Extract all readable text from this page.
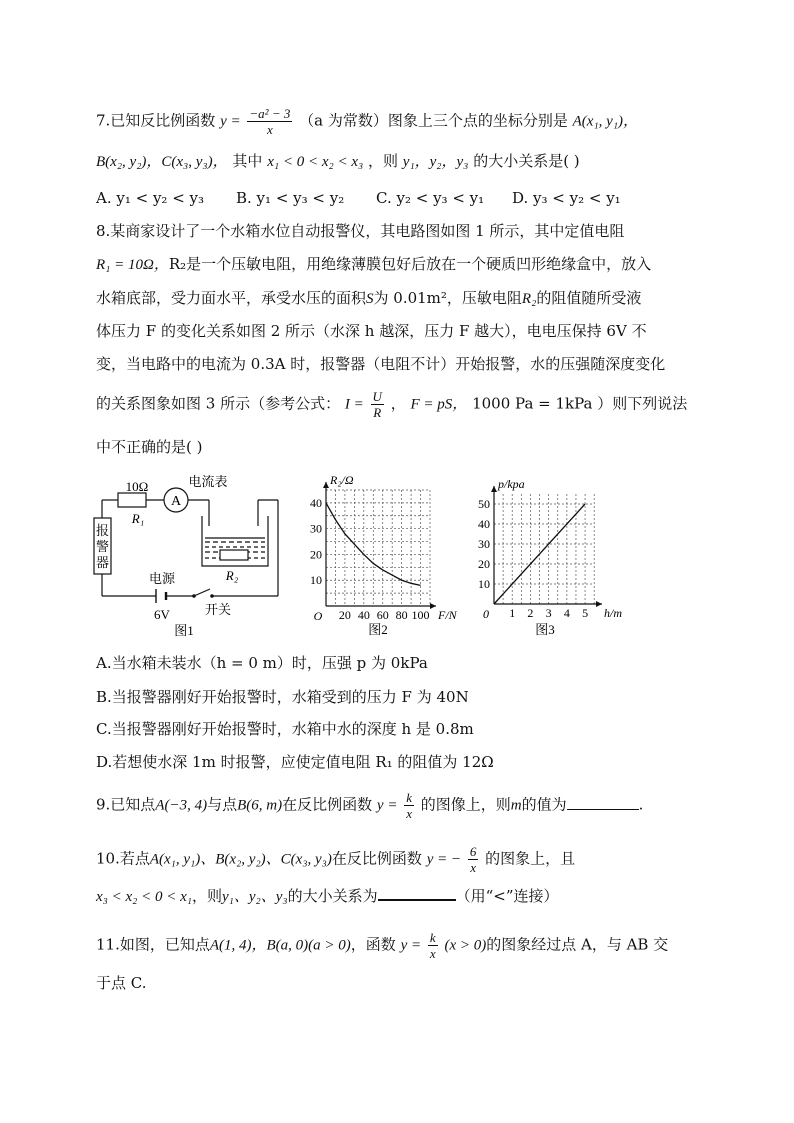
7.已知反比例函数 $y = \frac{\text{−a² − 3}}{x} (a$ 为常数）图象上三个点的坐标分别是 A(x₁, y₁)，
B(x₂, y₂)，C(x₃, y₃)， 其中 x₁ < 0 < x₂ < x₃ ，则 y₁，y₂，y₃ 的大小关系是( )
A. y₁ < y₂ < y₃ B. y₁ < y₃ < y₂ C. y₂ < y₃ < y₁ D. y₃ < y₂ < y₁
8.某商家设计了一个水箱水位自动报警仪，其电路图如图 1 所示，其中定值电阻
R₁ = 10Ω，R₂是一个压敏电阻，用绝缘薄膜包好后放在一个硬质凹形绝缘盒中，放入
水箱底部，受力面水平，承受水压的面积S为 0.01m²，压敏电阻R₂的阻值随所受液
体压力 F 的变化关系如图 2 所示（水深 h 越深，压力 F 越大），电电压保持 6V 不
变，当电路中的电流为 0.3A 时，报警器（电阻不计）开始报警，水的压强随深度变化
的关系图象如图 3 所示（参考公式： $I = \frac{U}{R}$ ， F = pS， 1000 Pa = 1kPa ）则下列说法
中不正确的是( )
A
报
警
器
10Ω
R₁
电流表
R₂
电源
6V	开关
图1
20 40 60 80 100
10
20
30
40
O
R₂/Ω
F/N
图2
1 2 3 4 5
10
20
30
40
50
0
p/kpa
h/m
图3
A.当水箱未装水（h = 0 m）时，压强 p 为 0kPa
B.当报警器刚好开始报警时，水箱受到的压力 F 为 40N
C.当报警器刚好开始报警时，水箱中水的深度 h 是 0.8m
D.若想使水深 1m 时报警，应使定值电阻 R₁ 的阻值为 12Ω
9.已知点A(−3, 4)与点B(6, m)在反比例函数 $y = \frac{k}{x}$ 的图像上，则m的值为	.
10.若点A(x₁, y₁)、B(x₂, y₂)、C(x₃, y₃)在反比例函数 y = − $\frac{6}{x}$ 的图象上，且
x₃ < x₂ < 0 < x₁，则y₁、y₂、y₃的大小关系为	（用“<”连接）
11.如图，已知点A(1, 4)，B(a, 0)(a > 0)，函数 $y = \frac{k}{x} (x > 0)$的图象经过点 A，与 AB 交
于点 C.
